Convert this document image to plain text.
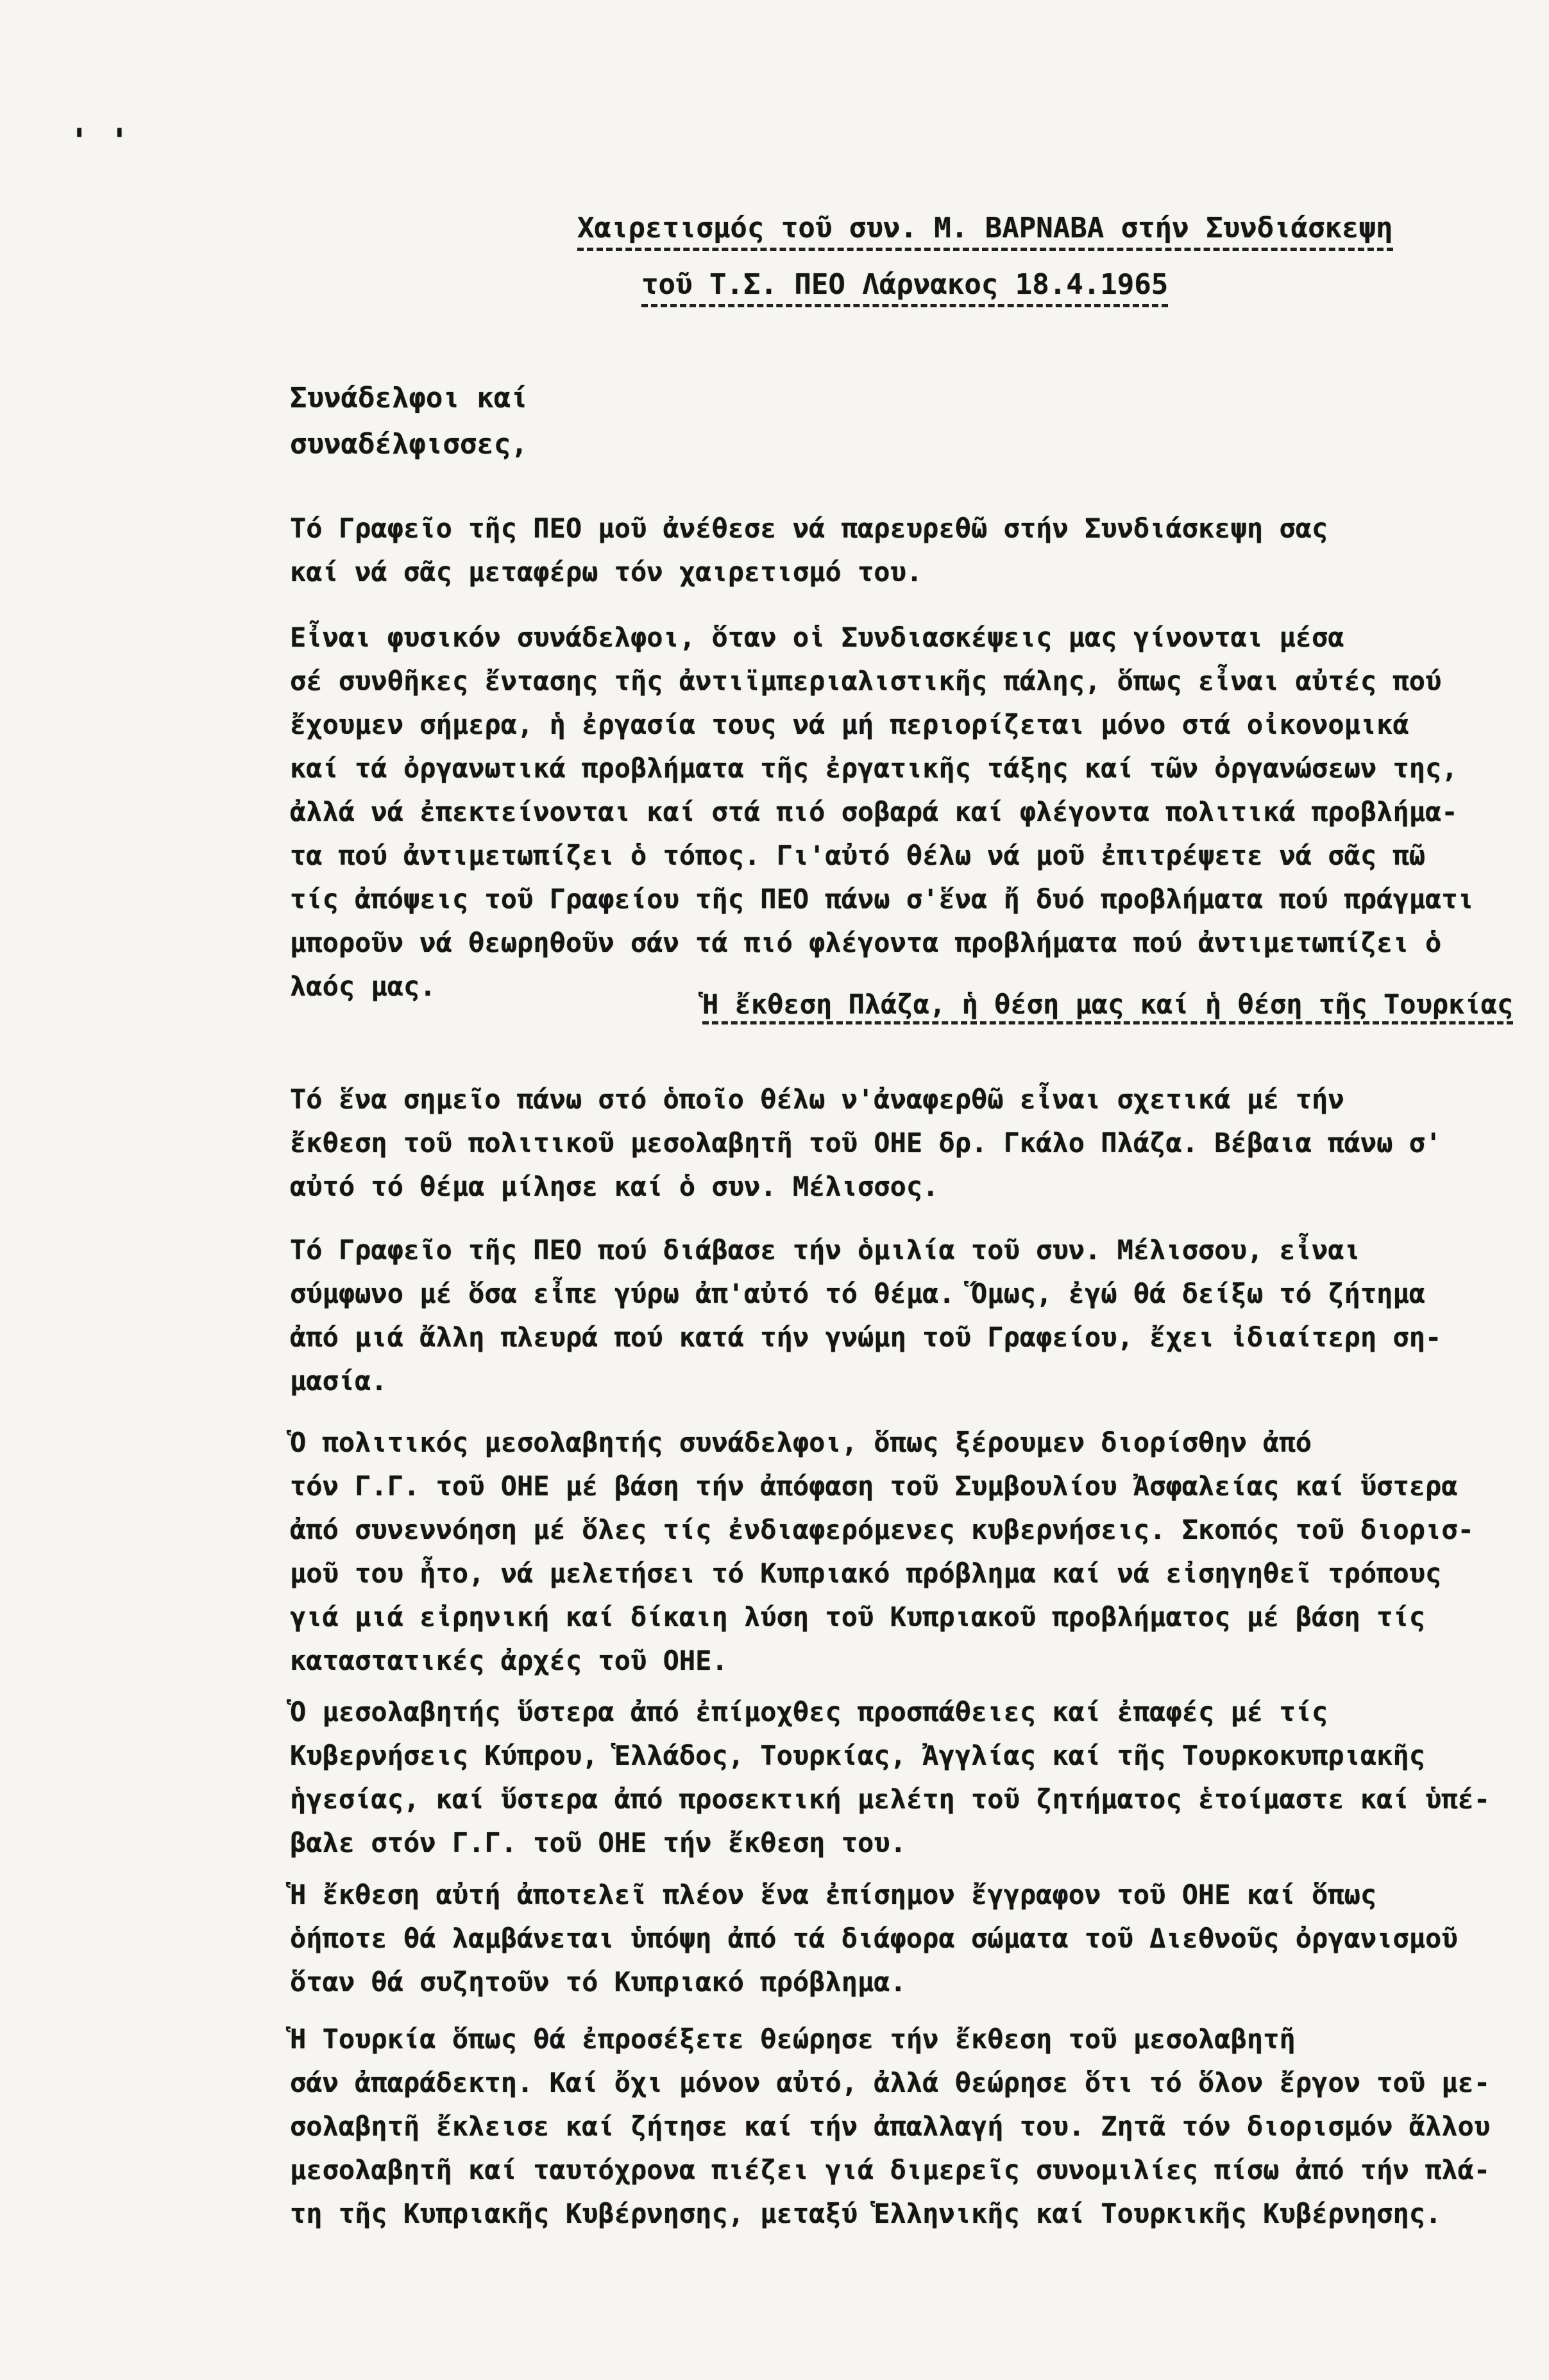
' '
Χαιρετισμός τοῦ συν. Μ. ΒΑΡΝΑΒΑ στήν Συνδιάσκεψη
τοῦ Τ.Σ. ΠΕΟ Λάρνακος 18.4.1965
Συνάδελφοι καί
συναδέλφισσες,
Τό Γραφεῖο τῆς ΠΕΟ μοῦ ἀνέθεσε νά παρευρεθῶ στήν Συνδιάσκεψη σας
καί νά σᾶς μεταφέρω τόν χαιρετισμό του.
Εἶναι φυσικόν συνάδελφοι, ὅταν οἱ Συνδιασκέψεις μας γίνονται μέσα
σέ συνθῆκες ἔντασης τῆς ἀντιϊμπεριαλιστικῆς πάλης, ὅπως εἶναι αὐτές πού
ἔχουμεν σήμερα, ἡ ἐργασία τους νά μή περιορίζεται μόνο στά οἰκονομικά
καί τά ὀργανωτικά προβλήματα τῆς ἐργατικῆς τάξης καί τῶν ὀργανώσεων της,
ἀλλά νά ἐπεκτείνονται καί στά πιό σοβαρά καί φλέγοντα πολιτικά προβλήμα-
τα πού ἀντιμετωπίζει ὁ τόπος. Γι'αὐτό θέλω νά μοῦ ἐπιτρέψετε νά σᾶς πῶ
τίς ἀπόψεις τοῦ Γραφείου τῆς ΠΕΟ πάνω σ'ἕνα ἤ δυό προβλήματα πού πράγματι
μποροῦν νά θεωρηθοῦν σάν τά πιό φλέγοντα προβλήματα πού ἀντιμετωπίζει ὁ
λαός μας.
Ἡ ἔκθεση Πλάζα, ἡ θέση μας καί ἡ θέση τῆς Τουρκίας
Τό ἕνα σημεῖο πάνω στό ὁποῖο θέλω ν'ἀναφερθῶ εἶναι σχετικά μέ τήν
ἔκθεση τοῦ πολιτικοῦ μεσολαβητῆ τοῦ ΟΗΕ δρ. Γκάλο Πλάζα. Βέβαια πάνω σ'
αὐτό τό θέμα μίλησε καί ὁ συν. Μέλισσος.
Τό Γραφεῖο τῆς ΠΕΟ πού διάβασε τήν ὁμιλία τοῦ συν. Μέλισσου, εἶναι
σύμφωνο μέ ὅσα εἶπε γύρω ἀπ'αὐτό τό θέμα. Ὅμως, ἐγώ θά δείξω τό ζήτημα
ἀπό μιά ἄλλη πλευρά πού κατά τήν γνώμη τοῦ Γραφείου, ἔχει ἰδιαίτερη ση-
μασία.
Ὁ πολιτικός μεσολαβητής συνάδελφοι, ὅπως ξέρουμεν διορίσθην ἀπό
τόν Γ.Γ. τοῦ ΟΗΕ μέ βάση τήν ἀπόφαση τοῦ Συμβουλίου Ἀσφαλείας καί ὕστερα
ἀπό συνεννόηση μέ ὅλες τίς ἐνδιαφερόμενες κυβερνήσεις. Σκοπός τοῦ διορισ-
μοῦ του ἦτο, νά μελετήσει τό Κυπριακό πρόβλημα καί νά εἰσηγηθεῖ τρόπους
γιά μιά εἰρηνική καί δίκαιη λύση τοῦ Κυπριακοῦ προβλήματος μέ βάση τίς
καταστατικές ἀρχές τοῦ ΟΗΕ.
Ὁ μεσολαβητής ὕστερα ἀπό ἐπίμοχθες προσπάθειες καί ἐπαφές μέ τίς
Κυβερνήσεις Κύπρου, Ἑλλάδος, Τουρκίας, Ἀγγλίας καί τῆς Τουρκοκυπριακῆς
ἡγεσίας, καί ὕστερα ἀπό προσεκτική μελέτη τοῦ ζητήματος ἑτοίμαστε καί ὑπέ-
βαλε στόν Γ.Γ. τοῦ ΟΗΕ τήν ἔκθεση του.
Ἡ ἔκθεση αὐτή ἀποτελεῖ πλέον ἕνα ἐπίσημον ἔγγραφον τοῦ ΟΗΕ καί ὅπως
ὁήποτε θά λαμβάνεται ὑπόψη ἀπό τά διάφορα σώματα τοῦ Διεθνοῦς ὀργανισμοῦ
ὅταν θά συζητοῦν τό Κυπριακό πρόβλημα.
Ἡ Τουρκία ὅπως θά ἐπροσέξετε θεώρησε τήν ἔκθεση τοῦ μεσολαβητῆ
σάν ἀπαράδεκτη. Καί ὄχι μόνον αὐτό, ἀλλά θεώρησε ὅτι τό ὅλον ἔργον τοῦ με-
σολαβητῆ ἔκλεισε καί ζήτησε καί τήν ἀπαλλαγή του. Ζητᾶ τόν διορισμόν ἄλλου
μεσολαβητῆ καί ταυτόχρονα πιέζει γιά διμερεῖς συνομιλίες πίσω ἀπό τήν πλά-
τη τῆς Κυπριακῆς Κυβέρνησης, μεταξύ Ἑλληνικῆς καί Τουρκικῆς Κυβέρνησης.
